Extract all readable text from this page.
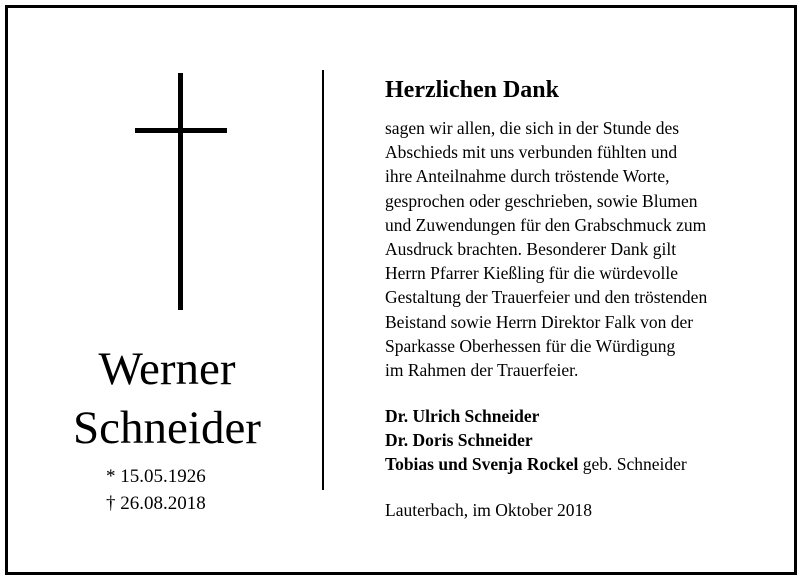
Werner
Schneider
* 15.05.1926
† 26.08.2018
Herzlichen Dank
sagen wir allen, die sich in der Stunde des
Abschieds mit uns verbunden fühlten und
ihre Anteilnahme durch tröstende Worte,
gesprochen oder geschrieben, sowie Blumen
und Zuwendungen für den Grabschmuck zum
Ausdruck brachten. Besonderer Dank gilt
Herrn Pfarrer Kießling für die würdevolle
Gestaltung der Trauerfeier und den tröstenden
Beistand sowie Herrn Direktor Falk von der
Sparkasse Oberhessen für die Würdigung
im Rahmen der Trauerfeier.
Dr. Ulrich Schneider
Dr. Doris Schneider
Tobias und Svenja Rockel geb. Schneider
Lauterbach, im Oktober 2018
